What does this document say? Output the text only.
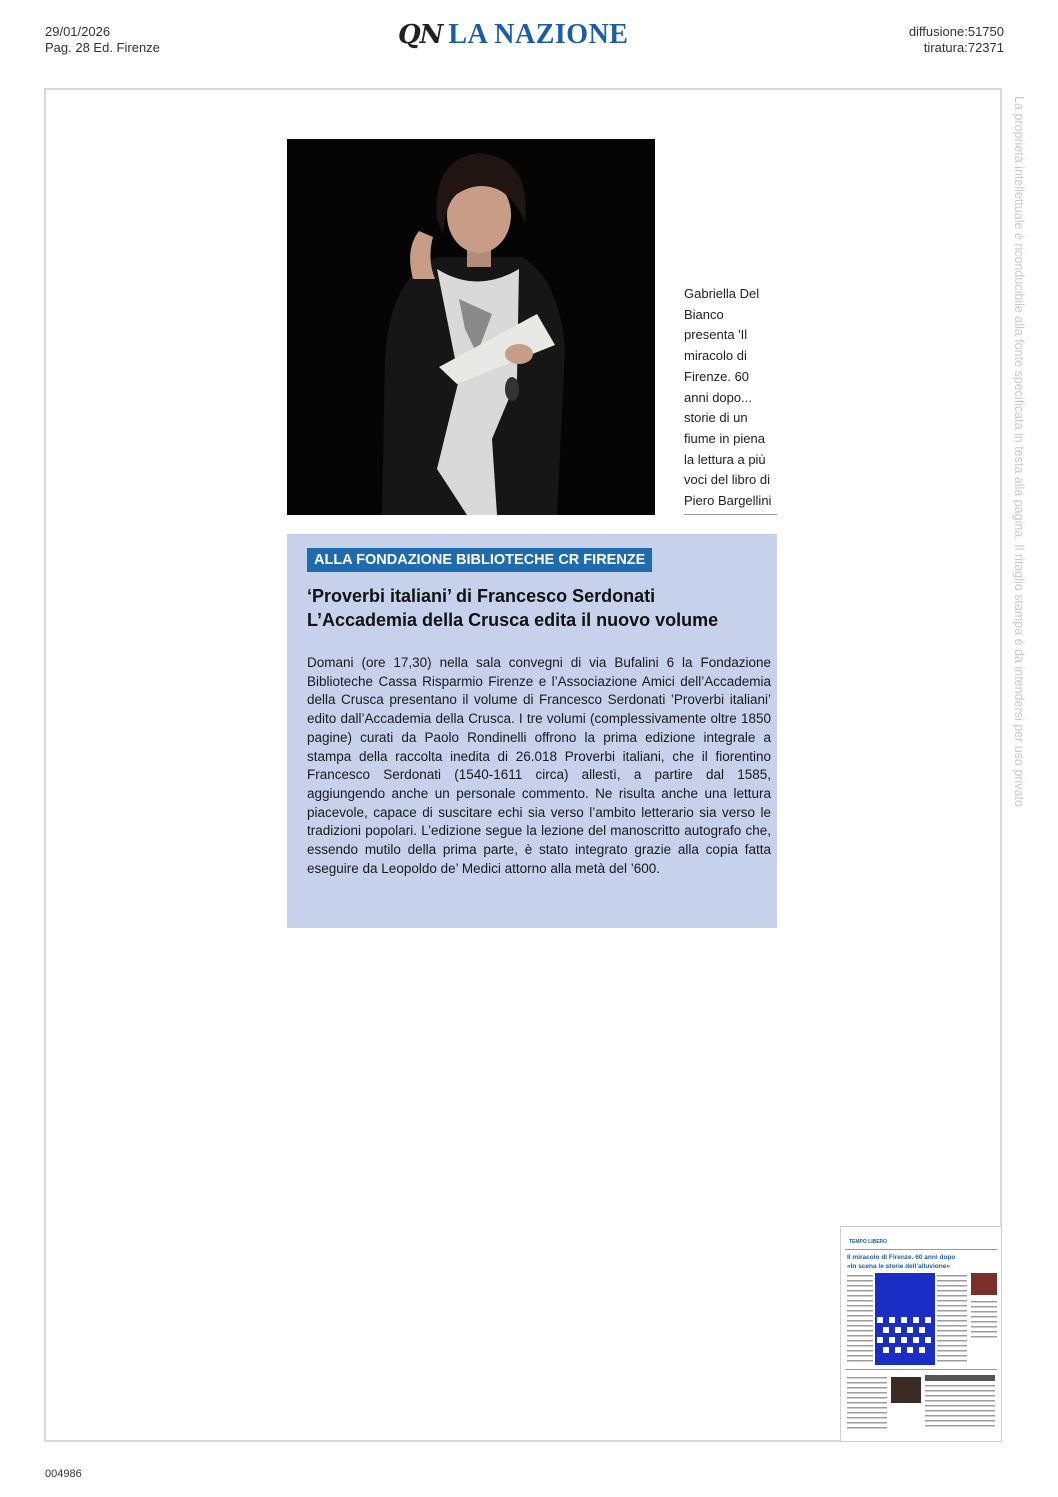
29/01/2026
Pag. 28 Ed. Firenze	QN LA NAZIONE	diffusione:51750
tiratura:72371
La proprietà intellettuale è riconducibile alla fonte specificata in testa alla pagina. Il ritaglio stampa è da intendersi per uso privato
Gabriella Del
Bianco
presenta 'Il
miracolo di
Firenze. 60
anni dopo...
storie di un
fiume in piena
la lettura a più
voci del libro di
Piero Bargellini
ALLA FONDAZIONE BIBLIOTECHE CR FIRENZE
‘Proverbi italiani’ di Francesco Serdonati
L’Accademia della Crusca edita il nuovo volume
Domani (ore 17,30) nella sala convegni di via Bufalini 6 la Fondazione Biblioteche Cassa Risparmio Firenze e l’Associazione Amici dell’Accademia della Crusca presentano il volume di Francesco Serdonati ’Proverbi italiani’ edito dall’Accademia della Crusca. I tre volumi (complessivamente oltre 1850 pagine) curati da Paolo Rondinelli offrono la prima edizione integrale a stampa della raccolta inedita di 26.018 Proverbi italiani, che il fiorentino Francesco Serdonati (1540-1611 circa) allestì, a partire dal 1585, aggiungendo anche un personale commento. Ne risulta anche una lettura piacevole, capace di suscitare echi sia verso l’ambito letterario sia verso le tradizioni popolari. L’edizione segue la lezione del manoscritto autografo che, essendo mutilo della prima parte, è stato integrato grazie alla copia fatta eseguire da Leopoldo de’ Medici attorno alla metà del ’600.
TEMPO LIBERO
Il miracolo di Firenze. 60 anni dopo
«In scena le storie dell’alluvione»
004986
